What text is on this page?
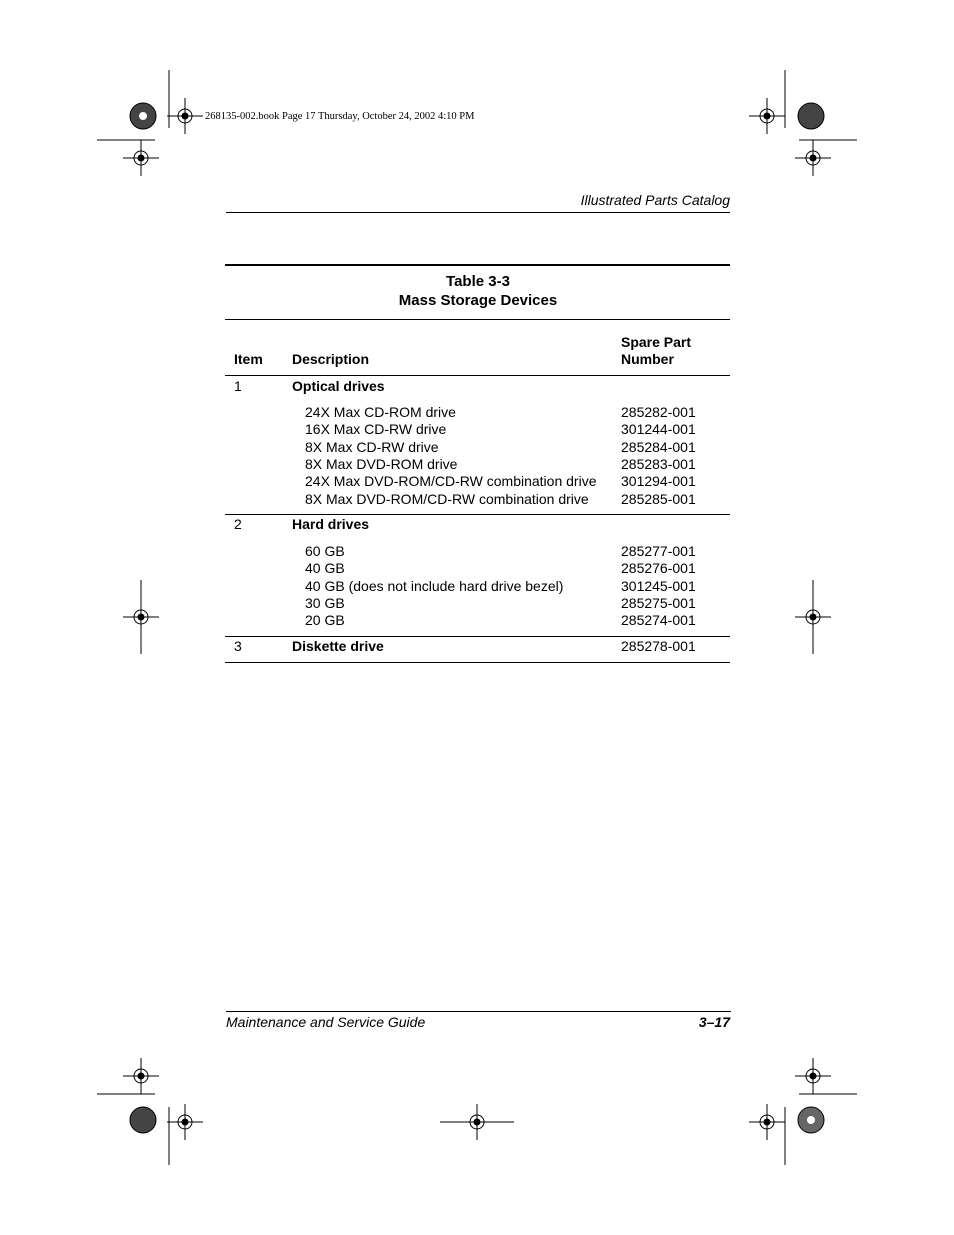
268135-002.book Page 17 Thursday, October 24, 2002 4:10 PM
Illustrated Parts Catalog
Table 3-3
Mass Storage Devices
Item Description
Spare Part
Number
1	Optical drives
24X Max CD-ROM drive	285282-001
16X Max CD-RW drive	301244-001
8X Max CD-RW drive	285284-001
8X Max DVD-ROM drive	285283-001
24X Max DVD-ROM/CD-RW combination drive 301294-001
8X Max DVD-ROM/CD-RW combination drive 285285-001
2	Hard drives
60 GB	285277-001
40 GB	285276-001
40 GB (does not include hard drive bezel)	301245-001
30 GB	285275-001
20 GB	285274-001
3	Diskette drive	285278-001
Maintenance and Service Guide	3–17
